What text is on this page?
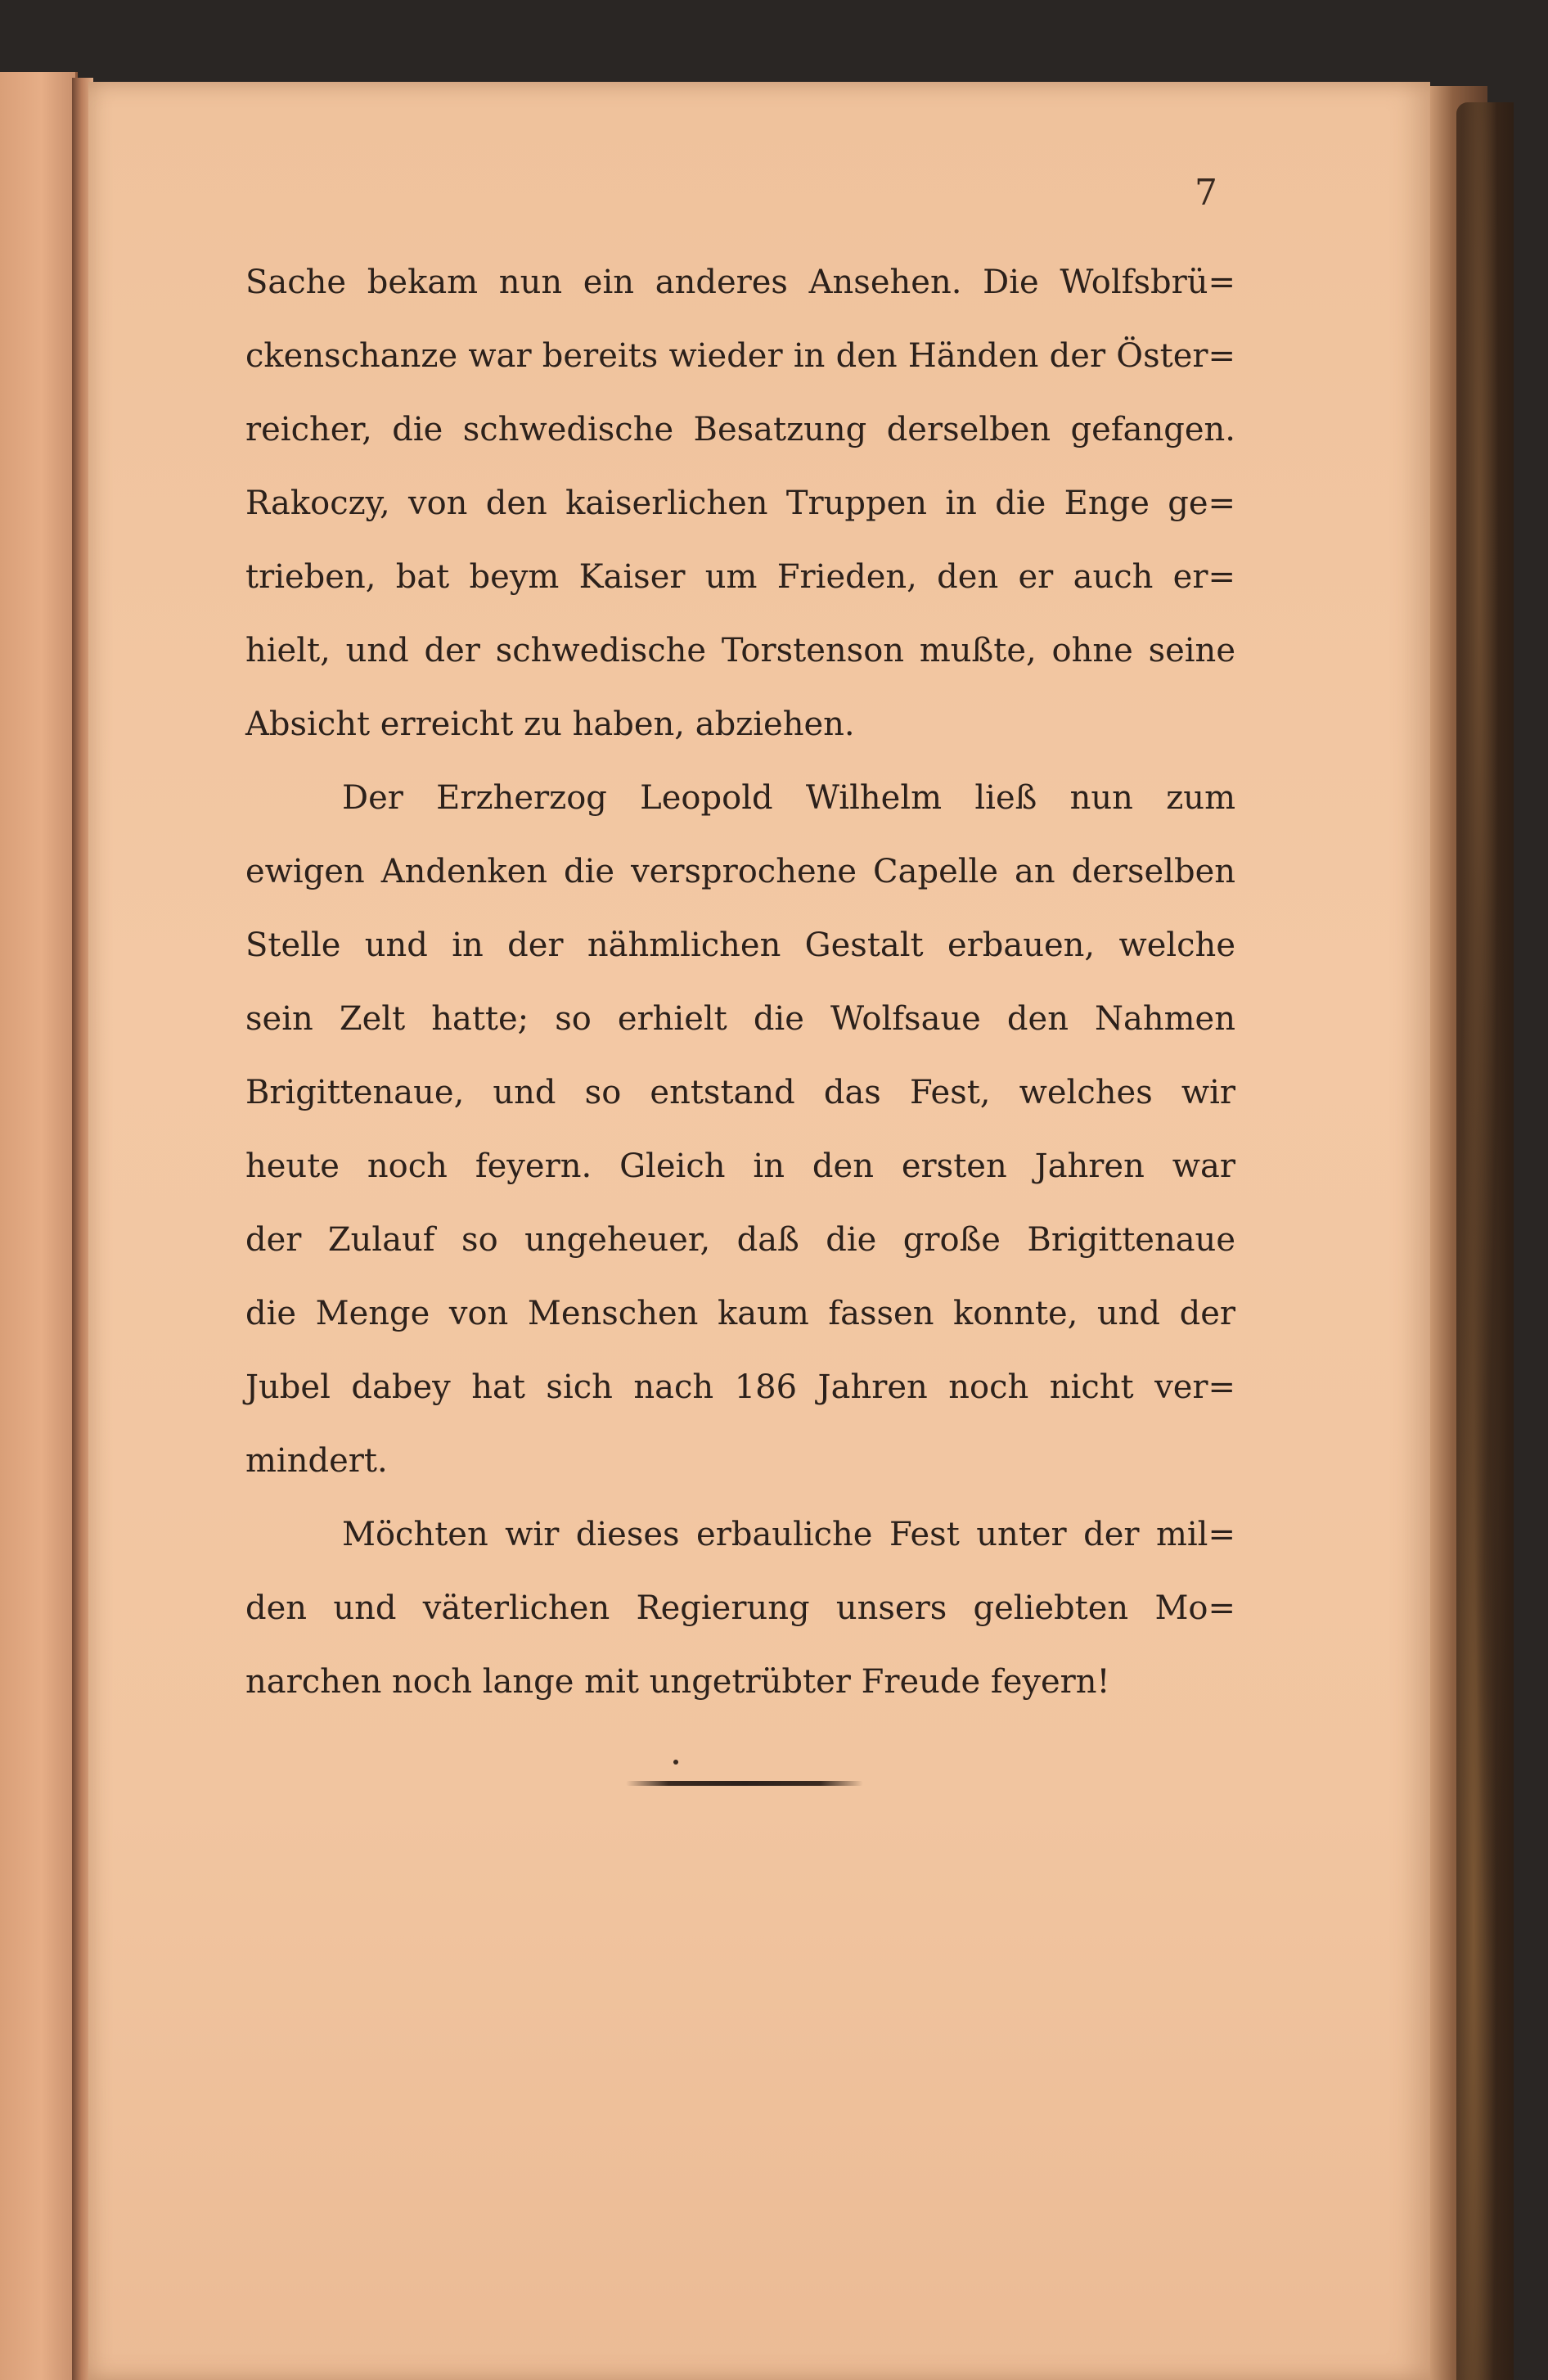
7
Sache bekam nun ein anderes Ansehen. Die Wolfsbrü=
ckenschanze war bereits wieder in den Händen der Öster=
reicher, die schwedische Besatzung derselben gefangen.
Rakoczy, von den kaiserlichen Truppen in die Enge ge=
trieben, bat beym Kaiser um Frieden, den er auch er=
hielt, und der schwedische Torstenson mußte, ohne seine
Absicht erreicht zu haben, abziehen.
Der Erzherzog Leopold Wilhelm ließ nun zum
ewigen Andenken die versprochene Capelle an derselben
Stelle und in der nähmlichen Gestalt erbauen, welche
sein Zelt hatte; so erhielt die Wolfsaue den Nahmen
Brigittenaue, und so entstand das Fest, welches wir
heute noch feyern. Gleich in den ersten Jahren war
der Zulauf so ungeheuer, daß die große Brigittenaue
die Menge von Menschen kaum fassen konnte, und der
Jubel dabey hat sich nach 186 Jahren noch nicht ver=
mindert.
Möchten wir dieses erbauliche Fest unter der mil=
den und väterlichen Regierung unsers geliebten Mo=
narchen noch lange mit ungetrübter Freude feyern!
